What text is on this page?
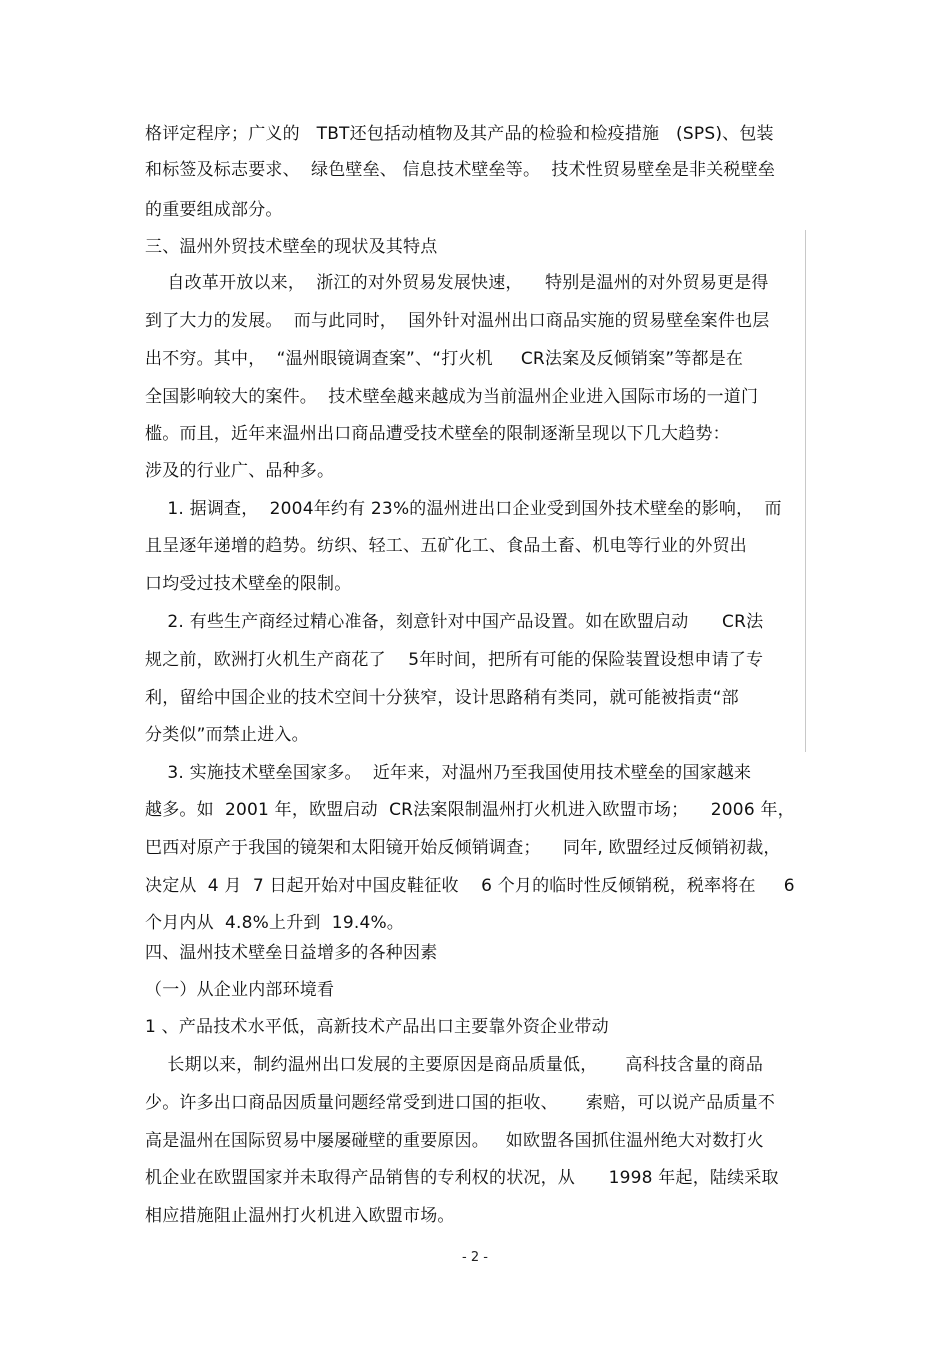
格评定程序；广义的   TBT还包括动植物及其产品的检验和检疫措施   (SPS)、包装
和标签及标志要求、  绿色壁垒、 信息技术壁垒等。  技术性贸易壁垒是非关税壁垒
的重要组成部分。
三、温州外贸技术壁垒的现状及其特点
自改革开放以来，  浙江的对外贸易发展快速，    特别是温州的对外贸易更是得
到了大力的发展。  而与此同时，  国外针对温州出口商品实施的贸易壁垒案件也层
出不穷。其中，  “温州眼镜调查案”、“打火机     CR法案及反倾销案”等都是在
全国影响较大的案件。  技术壁垒越来越成为当前温州企业进入国际市场的一道门
槛。而且，近年来温州出口商品遭受技术壁垒的限制逐渐呈现以下几大趋势：
涉及的行业广、品种多。
1. 据调查，  2004年约有 23%的温州进出口企业受到国外技术壁垒的影响，  而
且呈逐年递增的趋势。纺织、轻工、五矿化工、食品土畜、机电等行业的外贸出
口均受过技术壁垒的限制。
2. 有些生产商经过精心准备，刻意针对中国产品设置。如在欧盟启动      CR法
规之前，欧洲打火机生产商花了    5年时间，把所有可能的保险装置设想申请了专
利，留给中国企业的技术空间十分狭窄，设计思路稍有类同，就可能被指责“部
分类似”而禁止进入。
3. 实施技术壁垒国家多。  近年来，对温州乃至我国使用技术壁垒的国家越来
越多。如  2001 年，欧盟启动  CR法案限制温州打火机进入欧盟市场；    2006 年，
巴西对原产于我国的镜架和太阳镜开始反倾销调查；    同年, 欧盟经过反倾销初裁，
决定从  4 月  7 日起开始对中国皮鞋征收    6 个月的临时性反倾销税，税率将在     6
个月内从  4.8%上升到  19.4%。
四、温州技术壁垒日益增多的各种因素
（一）从企业内部环境看
1 、产品技术水平低，高新技术产品出口主要靠外资企业带动
长期以来，制约温州出口发展的主要原因是商品质量低，     高科技含量的商品
少。许多出口商品因质量问题经常受到进口国的拒收、     索赔，可以说产品质量不
高是温州在国际贸易中屡屡碰壁的重要原因。   如欧盟各国抓住温州绝大对数打火
机企业在欧盟国家并未取得产品销售的专利权的状况，从      1998 年起，陆续采取
相应措施阻止温州打火机进入欧盟市场。
- 2 -
